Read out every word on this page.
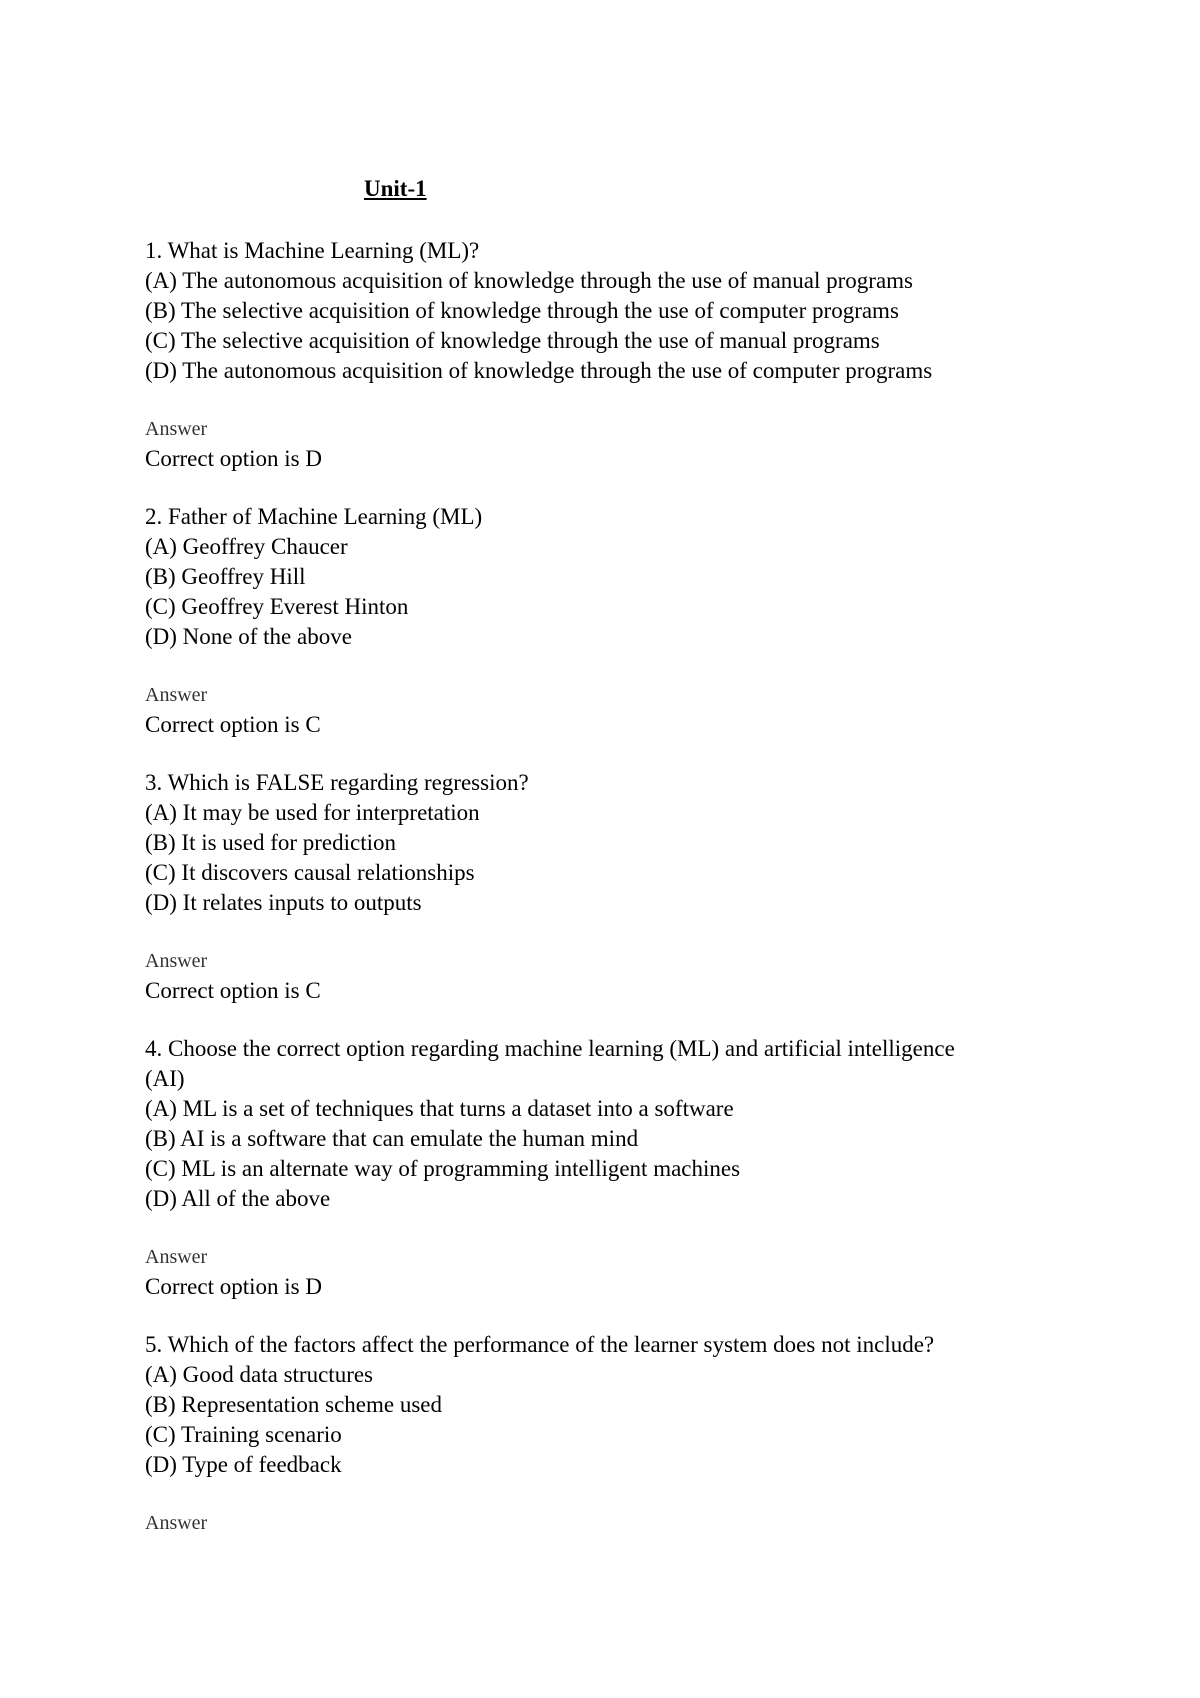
Unit-1
1. What is Machine Learning (ML)?
(A) The autonomous acquisition of knowledge through the use of manual programs
(B) The selective acquisition of knowledge through the use of computer programs
(C) The selective acquisition of knowledge through the use of manual programs
(D) The autonomous acquisition of knowledge through the use of computer programs
Answer
Correct option is D
2. Father of Machine Learning (ML)
(A) Geoffrey Chaucer
(B) Geoffrey Hill
(C) Geoffrey Everest Hinton
(D) None of the above
Answer
Correct option is C
3. Which is FALSE regarding regression?
(A) It may be used for interpretation
(B) It is used for prediction
(C) It discovers causal relationships
(D) It relates inputs to outputs
Answer
Correct option is C
4. Choose the correct option regarding machine learning (ML) and artificial intelligence (AI)
(A) ML is a set of techniques that turns a dataset into a software
(B) AI is a software that can emulate the human mind
(C) ML is an alternate way of programming intelligent machines
(D) All of the above
Answer
Correct option is D
5. Which of the factors affect the performance of the learner system does not include?
(A) Good data structures
(B) Representation scheme used
(C) Training scenario
(D) Type of feedback
Answer
